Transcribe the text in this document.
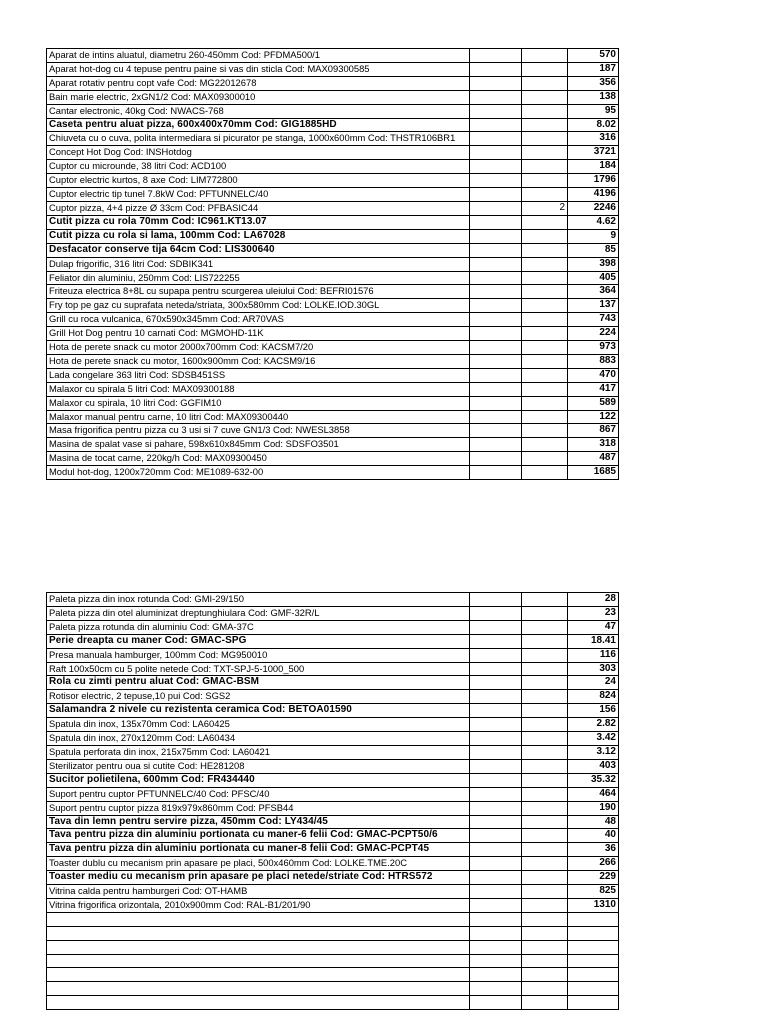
Aparat de intins aluatul, diametru 260-450mm Cod: PFDMA500/1			570
Aparat hot-dog cu 4 tepuse pentru paine si vas din sticla Cod: MAX09300585			187
Aparat rotativ pentru copt vafe Cod: MG22012678			356
Bain marie electric, 2xGN1/2 Cod: MAX09300010			138
Cantar electronic, 40kg Cod: NWACS-768			95
Caseta pentru aluat pizza, 600x400x70mm Cod: GIG1885HD			8.02
Chiuveta cu o cuva, polita intermediara si picurator pe stanga, 1000x600mm Cod: THSTR106BR1			316
Concept Hot Dog Cod: INSHotdog			3721
Cuptor cu microunde, 38 litri Cod: ACD100			184
Cuptor electric kurtos, 8 axe Cod: LIM772800			1796
Cuptor electric tip tunel 7.8kW Cod: PFTUNNELC/40			4196
Cuptor pizza, 4+4 pizze Ø 33cm Cod: PFBASIC44		2	2246
Cutit pizza cu rola 70mm Cod: IC961.KT13.07			4.62
Cutit pizza cu rola si lama, 100mm Cod: LA67028			9
Desfacator conserve tija 64cm Cod: LIS300640			85
Dulap frigorific, 316 litri Cod: SDBIK341			398
Feliator din aluminiu, 250mm Cod: LIS722255			405
Friteuza electrica 8+8L cu supapa pentru scurgerea uleiului Cod: BEFRI01576			364
Fry top pe gaz cu suprafata neteda/striata, 300x580mm Cod: LOLKE.IOD.30GL			137
Grill cu roca vulcanica, 670x590x345mm Cod: AR70VAS			743
Grill Hot Dog pentru 10 carnati Cod: MGMOHD-11K			224
Hota de perete snack cu motor 2000x700mm Cod: KACSM7/20			973
Hota de perete snack cu motor, 1600x900mm Cod: KACSM9/16			883
Lada congelare 363 litri Cod: SDSB451SS			470
Malaxor cu spirala 5 litri Cod: MAX09300188			417
Malaxor cu spirala, 10 litri Cod: GGFIM10			589
Malaxor manual pentru carne, 10 litri Cod: MAX09300440			122
Masa frigorifica pentru pizza cu 3 usi si 7 cuve GN1/3 Cod: NWESL3858			867
Masina de spalat vase si pahare, 598x610x845mm Cod: SDSFO3501			318
Masina de tocat carne, 220kg/h Cod: MAX09300450			487
Modul hot-dog, 1200x720mm Cod: ME1089-632-00			1685
Paleta pizza din inox rotunda Cod: GMI-29/150			28
Paleta pizza din otel aluminizat dreptunghiulara Cod: GMF-32R/L			23
Paleta pizza rotunda din aluminiu Cod: GMA-37C			47
Perie dreapta cu maner Cod: GMAC-SPG			18.41
Presa manuala hamburger, 100mm Cod: MG950010			116
Raft 100x50cm cu 5 polite netede Cod: TXT-SPJ-5-1000_500			303
Rola cu zimti pentru aluat Cod: GMAC-BSM			24
Rotisor electric, 2 tepuse,10 pui Cod: SGS2			824
Salamandra 2 nivele cu rezistenta ceramica Cod: BETOA01590			156
Spatula din inox, 135x70mm Cod: LA60425			2.82
Spatula din inox, 270x120mm Cod: LA60434			3.42
Spatula perforata din inox, 215x75mm Cod: LA60421			3.12
Sterilizator pentru oua si cutite Cod: HE281208			403
Sucitor polietilena, 600mm Cod: FR434440			35.32
Suport pentru cuptor PFTUNNELC/40 Cod: PFSC/40			464
Suport pentru cuptor pizza 819x979x860mm Cod: PFSB44			190
Tava din lemn pentru servire pizza, 450mm Cod: LY434/45			48
Tava pentru pizza din aluminiu portionata cu maner-6 felii Cod: GMAC-PCPT50/6			40
Tava pentru pizza din aluminiu portionata cu maner-8 felii Cod: GMAC-PCPT45			36
Toaster dublu cu mecanism prin apasare pe placi, 500x460mm Cod: LOLKE.TME.20C			266
Toaster mediu cu mecanism prin apasare pe placi netede/striate Cod: HTRS572			229
Vitrina calda pentru hamburgeri Cod: OT-HAMB			825
Vitrina frigorifica orizontala, 2010x900mm Cod: RAL-B1/201/90			1310
